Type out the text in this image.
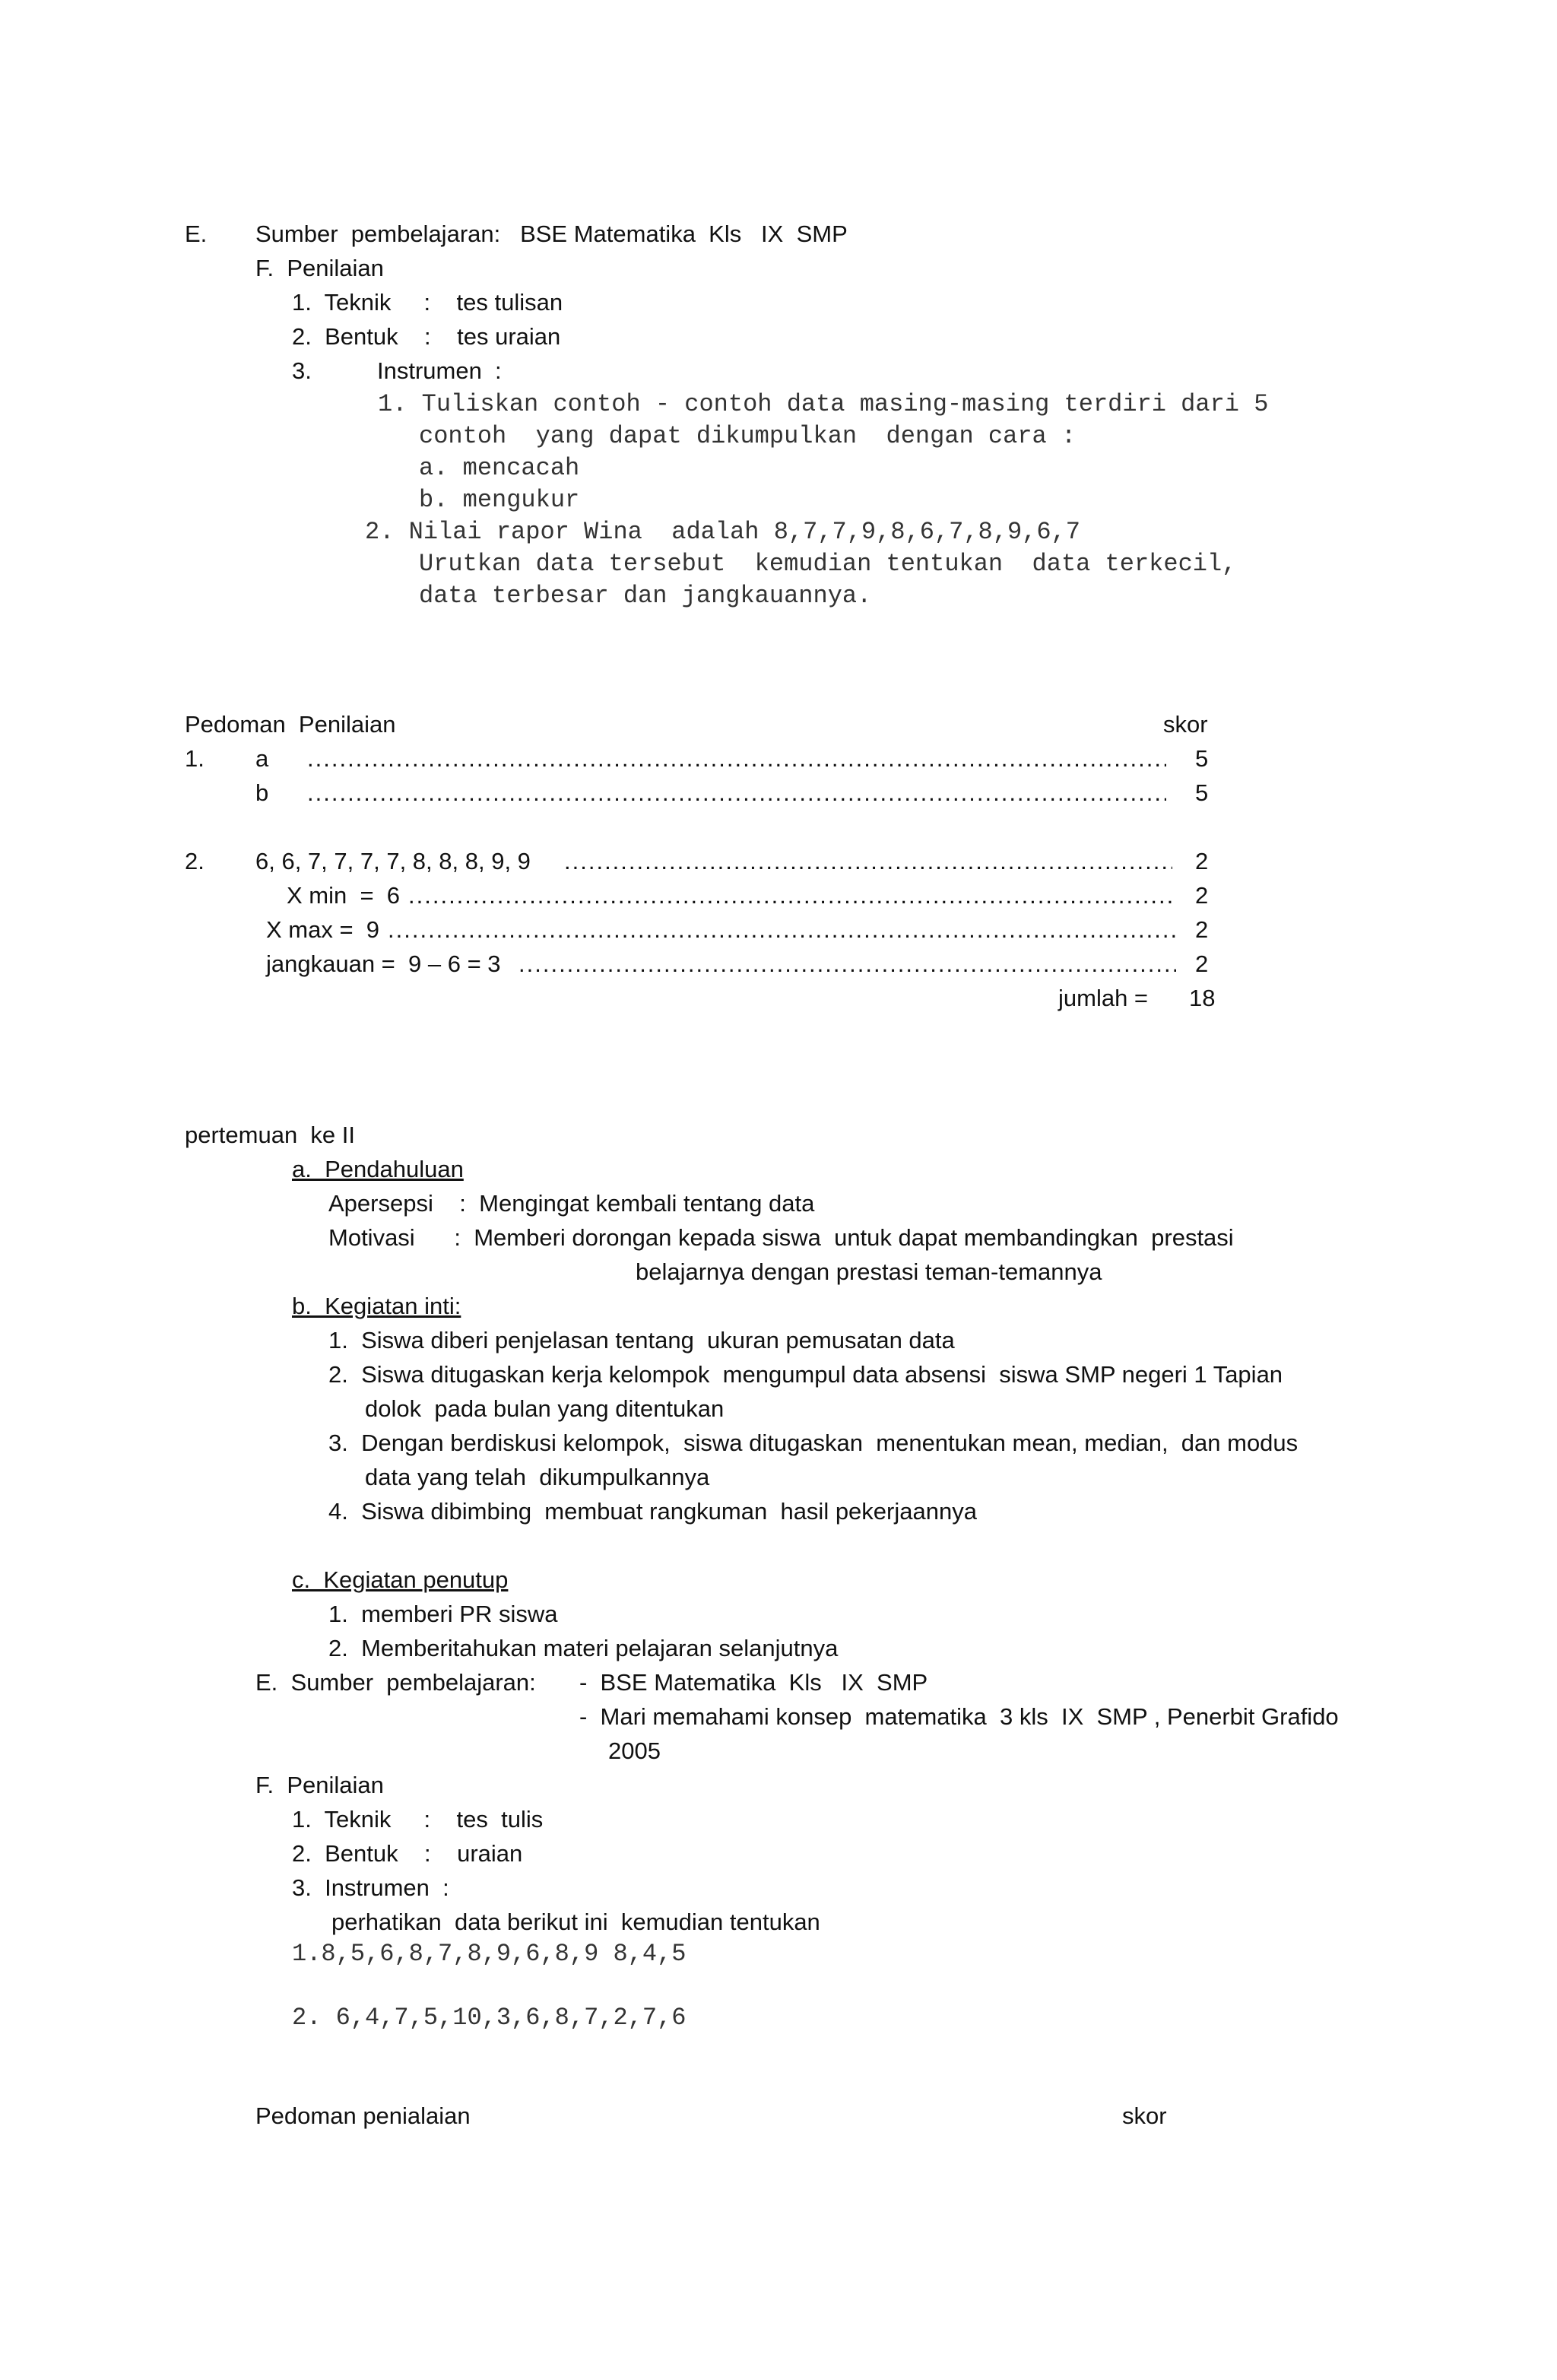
E. Sumber  pembelajaran:   BSE Matematika  Kls   IX  SMP
F.  Penilaian
1.  Teknik     :    tes tulisan
2.  Bentuk    :    tes uraian
3.          Instrumen  :
1. Tuliskan contoh - contoh data masing-masing terdiri dari 5
contoh  yang dapat dikumpulkan  dengan cara :
a. mencacah
b. mengukur
2. Nilai rapor Wina  adalah 8,7,7,9,8,6,7,8,9,6,7
Urutkan data tersebut  kemudian tentukan  data terkecil,
data terbesar dan jangkauannya.
Pedoman  Penilaian	skor
1. a .....	5
b .....	5
2. 6, 6, 7, 7, 7, 7, 8, 8, 8, 9, 9 .....	2
X min  =  6 .....	2
X max =  9 .....	2
jangkauan =  9 – 6 = 3 .....	2
jumlah = 18
pertemuan  ke II
a.  Pendahuluan
Apersepsi    :  Mengingat kembali tentang data
Motivasi      :  Memberi dorongan kepada siswa  untuk dapat membandingkan  prestasi
belajarnya dengan prestasi teman-temannya
b.  Kegiatan inti:
1.  Siswa diberi penjelasan tentang  ukuran pemusatan data
2.  Siswa ditugaskan kerja kelompok  mengumpul data absensi  siswa SMP negeri 1 Tapian
dolok  pada bulan yang ditentukan
3.  Dengan berdiskusi kelompok,  siswa ditugaskan  menentukan mean, median,  dan modus
data yang telah  dikumpulkannya
4.  Siswa dibimbing  membuat rangkuman  hasil pekerjaannya
c.  Kegiatan penutup
1.  memberi PR siswa
2.  Memberitahukan materi pelajaran selanjutnya
E.  Sumber  pembelajaran: -  BSE Matematika  Kls   IX  SMP
-  Mari memahami konsep  matematika  3 kls  IX  SMP , Penerbit Grafido
2005
F.  Penilaian
1.  Teknik     :    tes  tulis
2.  Bentuk    :    uraian
3.  Instrumen  :
perhatikan  data berikut ini  kemudian tentukan
1.8,5,6,8,7,8,9,6,8,9 8,4,5
2. 6,4,7,5,10,3,6,8,7,2,7,6
Pedoman penialaian	skor
